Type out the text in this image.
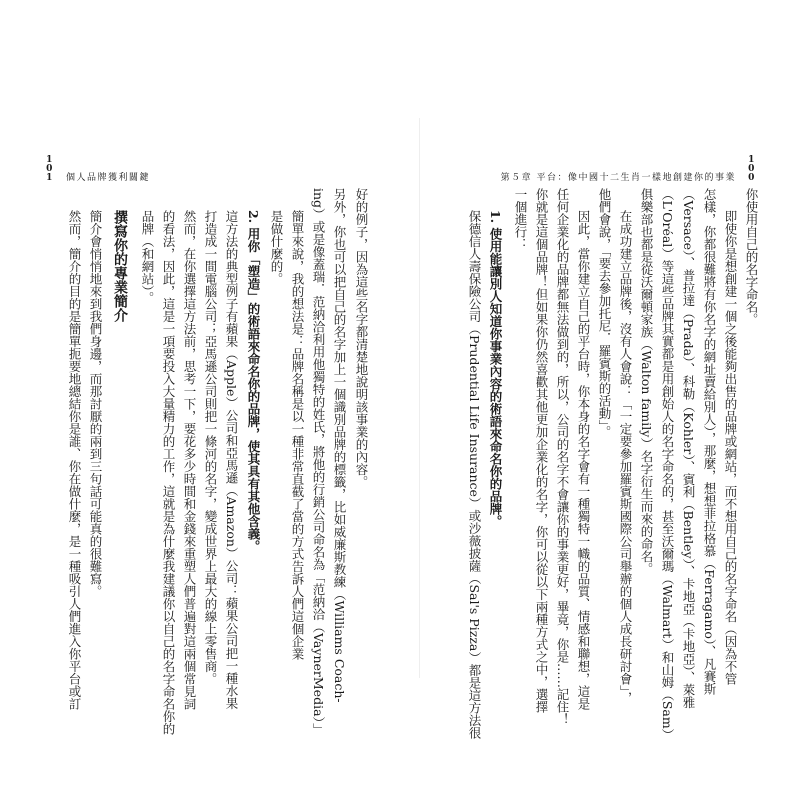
1
0
1 個人品牌獲利關鍵
好的例子，因為這些名字都清楚地說明該事業的內容。
另外，你也可以把自己的名字加上一個識別品牌的標籤，比如威廉斯教練（Williams Coach-
ing）或是像蓋瑞．范納洽利用他獨特的姓氏，將他的行銷公司命名為「范納洽（VaynerMedia）」
簡單來說，我的想法是：品牌名稱是以一種非常直截了當的方式告訴人們這個企業
是做什麼的。
2. 用你「塑造」的術語來命名你的品牌，使其具有其他含義。
這方法的典型例子有蘋果（Apple）公司和亞馬遜（Amazon）公司：蘋果公司把一種水果
打造成一間電腦公司；亞馬遜公司則把一條河的名字，變成世界上最大的線上零售商。
然而，在你選擇這方法前，思考一下，要花多少時間和金錢來重塑人們普遍對這兩個常見詞
的看法，因此，這是一項要投入大量精力的工作，這就是為什麼我建議你以自己的名字命名你的
品牌（和網站）。
撰寫你的專業簡介
簡介會悄悄地來到我們身邊，而那討厭的兩到三句話可能真的很難寫。
然而，簡介的目的是簡單扼要地總結你是誰、你在做什麼，是一種吸引人們進入你平台或訂
第５章 平台：像中國十二生肖一樣地創建你的事業
1
0
0
你使用自己的名字命名。
即使你是想創建一個之後能夠出售的品牌或網站，而不想用自己的名字命名（因為不管
怎樣，你都很難將有你名字的網址賣給別人），那麼，想想菲拉格慕（Ferragamo）、凡賽斯
（Versace）、普拉達（Prada）、科勒（Kohler）、賓利（Bentley）、卡地亞（卡地亞）、萊雅
（L'Oréal）等這些品牌其實都是用創始人的名字命名的，甚至沃爾瑪（Walmart）和山姆（Sam）
俱樂部也都是從沃爾頓家族（Walton family）名字衍生而來的命名。
在成功建立品牌後，沒有人會說：「一定要參加羅賓斯國際公司舉辦的個人成長研討會」，
他們會說，「要去參加托尼．羅賓斯的活動」。
因此，當你建立自己的平台時，你本身的名字會有一種獨特一幟的品質、情感和聯想，這是
任何企業化的品牌都無法做到的，所以，公司的名字不會讓你的事業更好，畢竟，你是……記住！
你就是這個品牌！但如果你仍然喜歡其他更加企業化的名字，你可以從以下兩種方式之中，選擇
一個進行：
1. 使用能讓別人知道你事業內容的術語來命名你的品牌。
保德信人壽保險公司（Prudential Life Insurance）或沙薇披薩（Sal's Pizza）都是這方法很
